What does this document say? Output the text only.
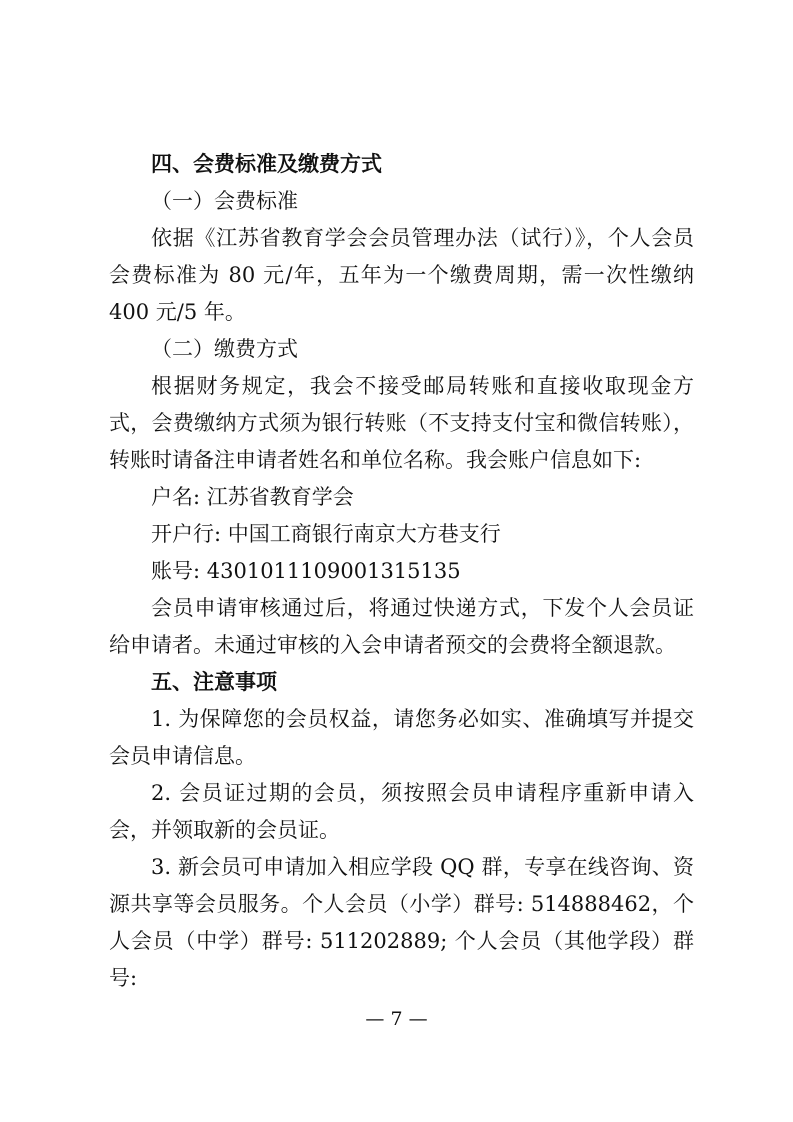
四、会费标准及缴费方式

（一）会费标准

依据《江苏省教育学会会员管理办法（试行）》，个人会员会费标准为 80 元/年，五年为一个缴费周期，需一次性缴纳 400 元/5 年。

（二）缴费方式

根据财务规定，我会不接受邮局转账和直接收取现金方式，会费缴纳方式须为银行转账（不支持支付宝和微信转账），转账时请备注申请者姓名和单位名称。我会账户信息如下:

户名: 江苏省教育学会

开户行: 中国工商银行南京大方巷支行

账号: 4301011109001315135

会员申请审核通过后，将通过快递方式，下发个人会员证给申请者。未通过审核的入会申请者预交的会费将全额退款。

五、注意事项

1. 为保障您的会员权益，请您务必如实、准确填写并提交会员申请信息。

2. 会员证过期的会员，须按照会员申请程序重新申请入会，并领取新的会员证。

3. 新会员可申请加入相应学段 QQ 群，专享在线咨询、资源共享等会员服务。个人会员（小学）群号: 514888462，个人会员（中学）群号: 511202889; 个人会员（其他学段）群号:

— 7 —
